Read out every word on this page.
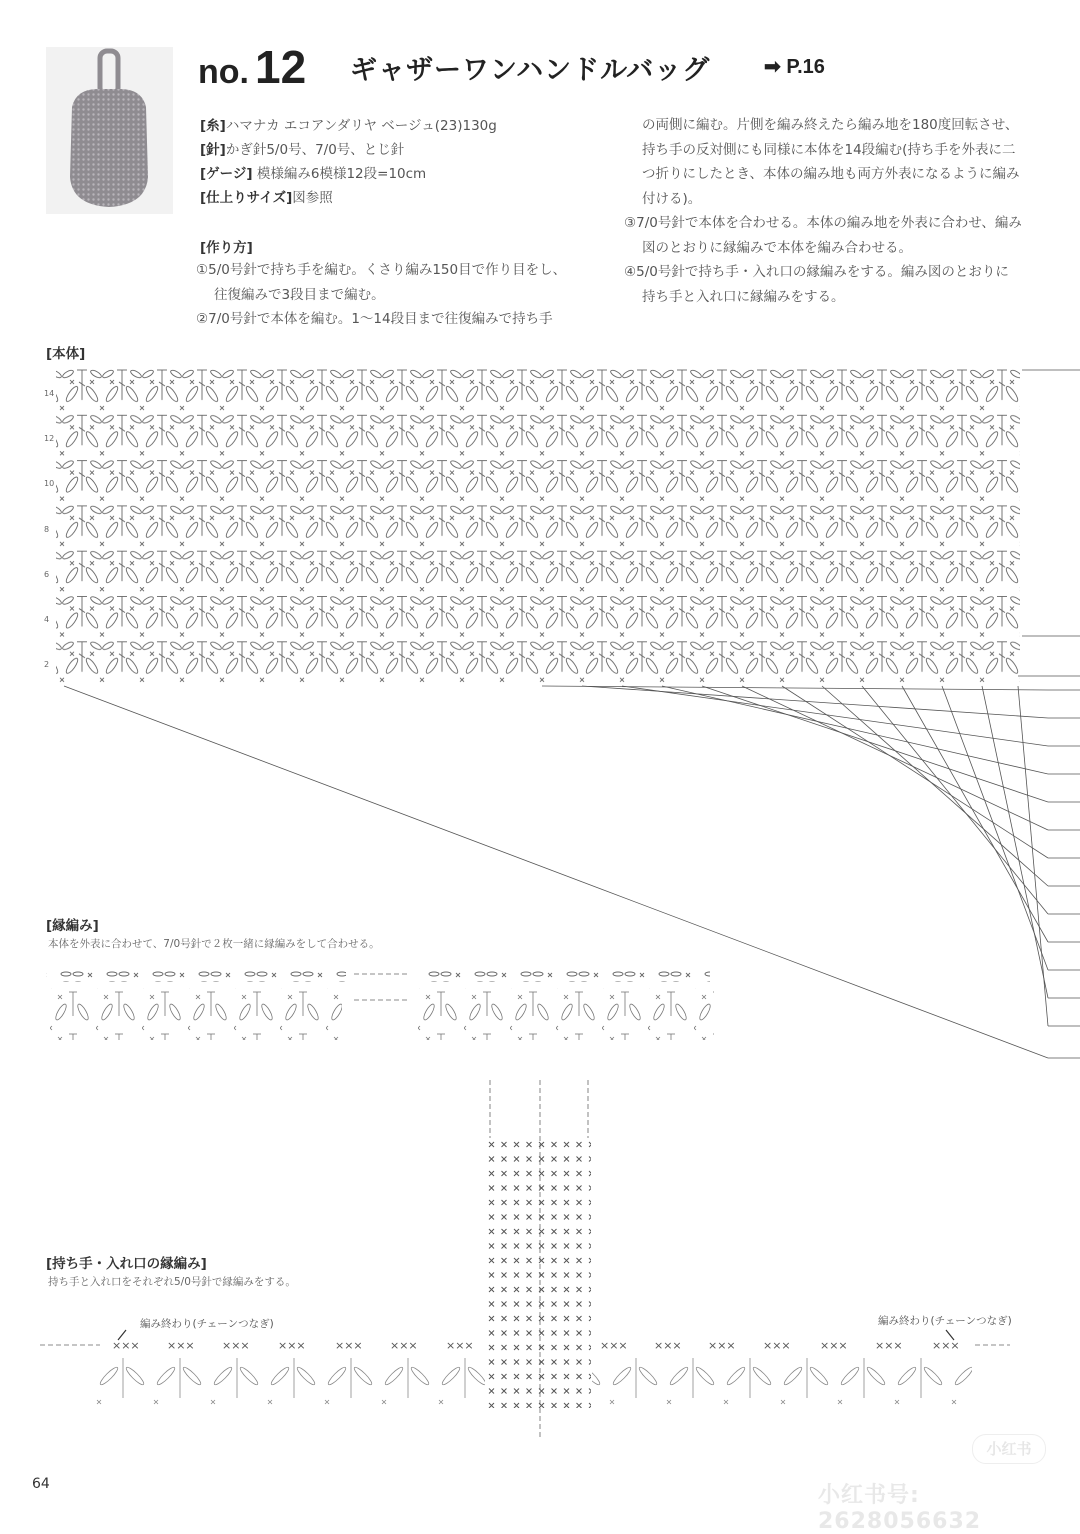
no. 12 ギャザーワンハンドルバッグ	➡ P.16
[糸]ハマナカ エコアンダリヤ ベージュ(23)130g
[針]かぎ針5/0号、7/0号、とじ針
[ゲージ] 模様編み6模様12段=10cm
[仕上りサイズ]図参照
[作り方]

①5/0号針で持ち手を編む。くさり編み150目で作り目をし、

往復編みで3段目まで編む。

②7/0号針で本体を編む。1〜14段目まで往復編みで持ち手

の両側に編む。片側を編み終えたら編み地を180度回転させ、持ち手の反対側にも同様に本体を14段編む(持ち手を外表に二つ折りにしたとき、本体の編み地も両方外表になるように編み付ける)。

③7/0号針で本体を合わせる。本体の編み地を外表に合わせ、編み図のとおりに縁編みで本体を編み合わせる。

④5/0号針で持ち手・入れ口の縁編みをする。編み図のとおりに持ち手と入れ口に縁編みをする。

[本体]
14
12
10
8
6
4
2
××× ××× ×××	×××	××× ×××	×××	××× ××× ××× ×××	××× ×××	×××
[縁編み]
本体を外表に合わせて、7/0号針で２枚一緒に縁編みをして合わせる。
[持ち手・入れ口の縁編み]
持ち手と入れ口をそれぞれ5/0号針で縁編みをする。
編み終わり(チェーンつなぎ)	編み終わり(チェーンつなぎ)
64
小红书
小红书号: 2628056632
